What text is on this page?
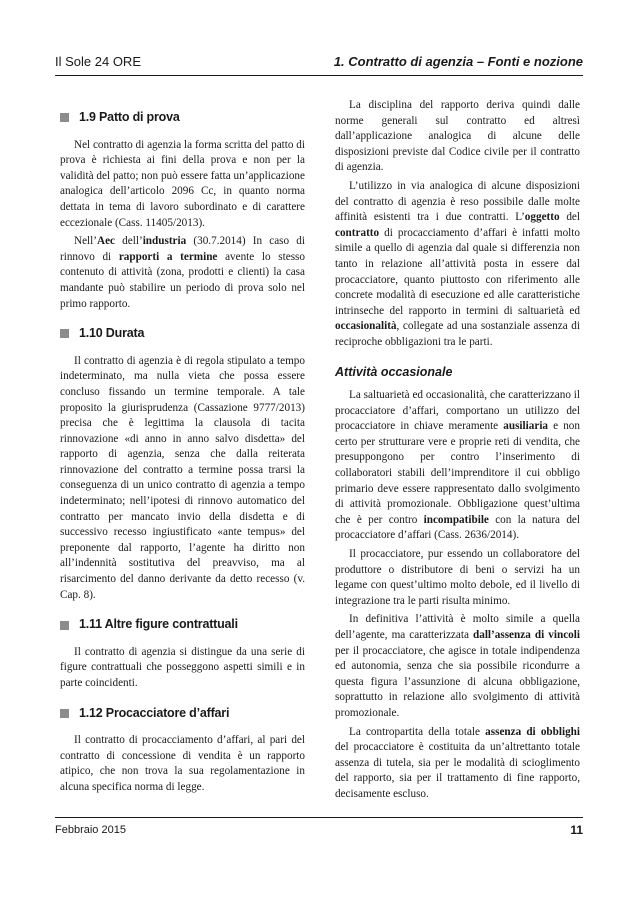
Il Sole 24 ORE	1. Contratto di agenzia – Fonti e nozione
1.9 Patto di prova

Nel contratto di agenzia la forma scritta del patto di prova è richiesta ai fini della prova e non per la validità del patto; non può essere fatta un’applicazione analogica dell’articolo 2096 Cc, in quanto norma dettata in tema di lavoro subordinato e di carattere eccezionale (Cass. 11405/2013).

Nell’Aec dell’industria (30.7.2014) In caso di rinnovo di rapporti a termine avente lo stesso contenuto di attività (zona, prodotti e clienti) la casa mandante può stabilire un periodo di prova solo nel primo rapporto.

1.10 Durata

Il contratto di agenzia è di regola stipulato a tempo indeterminato, ma nulla vieta che possa essere concluso fissando un termine temporale. A tale proposito la giurisprudenza (Cassazione 9777/2013) precisa che è legittima la clausola di tacita rinnovazione «di anno in anno salvo disdetta» del rapporto di agenzia, senza che dalla reiterata rinnovazione del contratto a termine possa trarsi la conseguenza di un unico contratto di agenzia a tempo indeterminato; nell’ipotesi di rinnovo automatico del contratto per mancato invio della disdetta e di successivo recesso ingiustificato «ante tempus» del preponente dal rapporto, l’agente ha diritto non all’indennità sostitutiva del preavviso, ma al risarcimento del danno derivante da detto recesso (v. Cap. 8).

1.11 Altre figure contrattuali

Il contratto di agenzia si distingue da una serie di figure contrattuali che posseggono aspetti simili e in parte coincidenti.

1.12 Procacciatore d’affari

Il contratto di procacciamento d’affari, al pari del contratto di concessione di vendita è un rapporto atipico, che non trova la sua regolamentazione in alcuna specifica norma di legge.

La disciplina del rapporto deriva quindi dalle norme generali sul contratto ed altresì dall’applicazione analogica di alcune delle disposizioni previste dal Codice civile per il contratto di agenzia.

L’utilizzo in via analogica di alcune disposizioni del contratto di agenzia è reso possibile dalle molte affinità esistenti tra i due contratti. L’oggetto del contratto di procacciamento d’affari è infatti molto simile a quello di agenzia dal quale si differenzia non tanto in relazione all’attività posta in essere dal procacciatore, quanto piuttosto con riferimento alle concrete modalità di esecuzione ed alle caratteristiche intrinseche del rapporto in termini di saltuarietà ed occasionalità, collegate ad una sostanziale assenza di reciproche obbligazioni tra le parti.

Attività occasionale

La saltuarietà ed occasionalità, che caratterizzano il procacciatore d’affari, comportano un utilizzo del procacciatore in chiave meramente ausiliaria e non certo per strutturare vere e proprie reti di vendita, che presuppongono per contro l’inserimento di collaboratori stabili dell’imprenditore il cui obbligo primario deve essere rappresentato dallo svolgimento di attività promozionale. Obbligazione quest’ultima che è per contro incompatibile con la natura del procacciatore d’affari (Cass. 2636/2014).

Il procacciatore, pur essendo un collaboratore del produttore o distributore di beni o servizi ha un legame con quest’ultimo molto debole, ed il livello di integrazione tra le parti risulta minimo.

In definitiva l’attività è molto simile a quella dell’agente, ma caratterizzata dall’assenza di vincoli per il procacciatore, che agisce in totale indipendenza ed autonomia, senza che sia possibile ricondurre a questa figura l’assunzione di alcuna obbligazione, soprattutto in relazione allo svolgimento di attività promozionale.

La contropartita della totale assenza di obblighi del procacciatore è costituita da un’altrettanto totale assenza di tutela, sia per le modalità di scioglimento del rapporto, sia per il trattamento di fine rapporto, decisamente escluso.

Febbraio 2015	11
